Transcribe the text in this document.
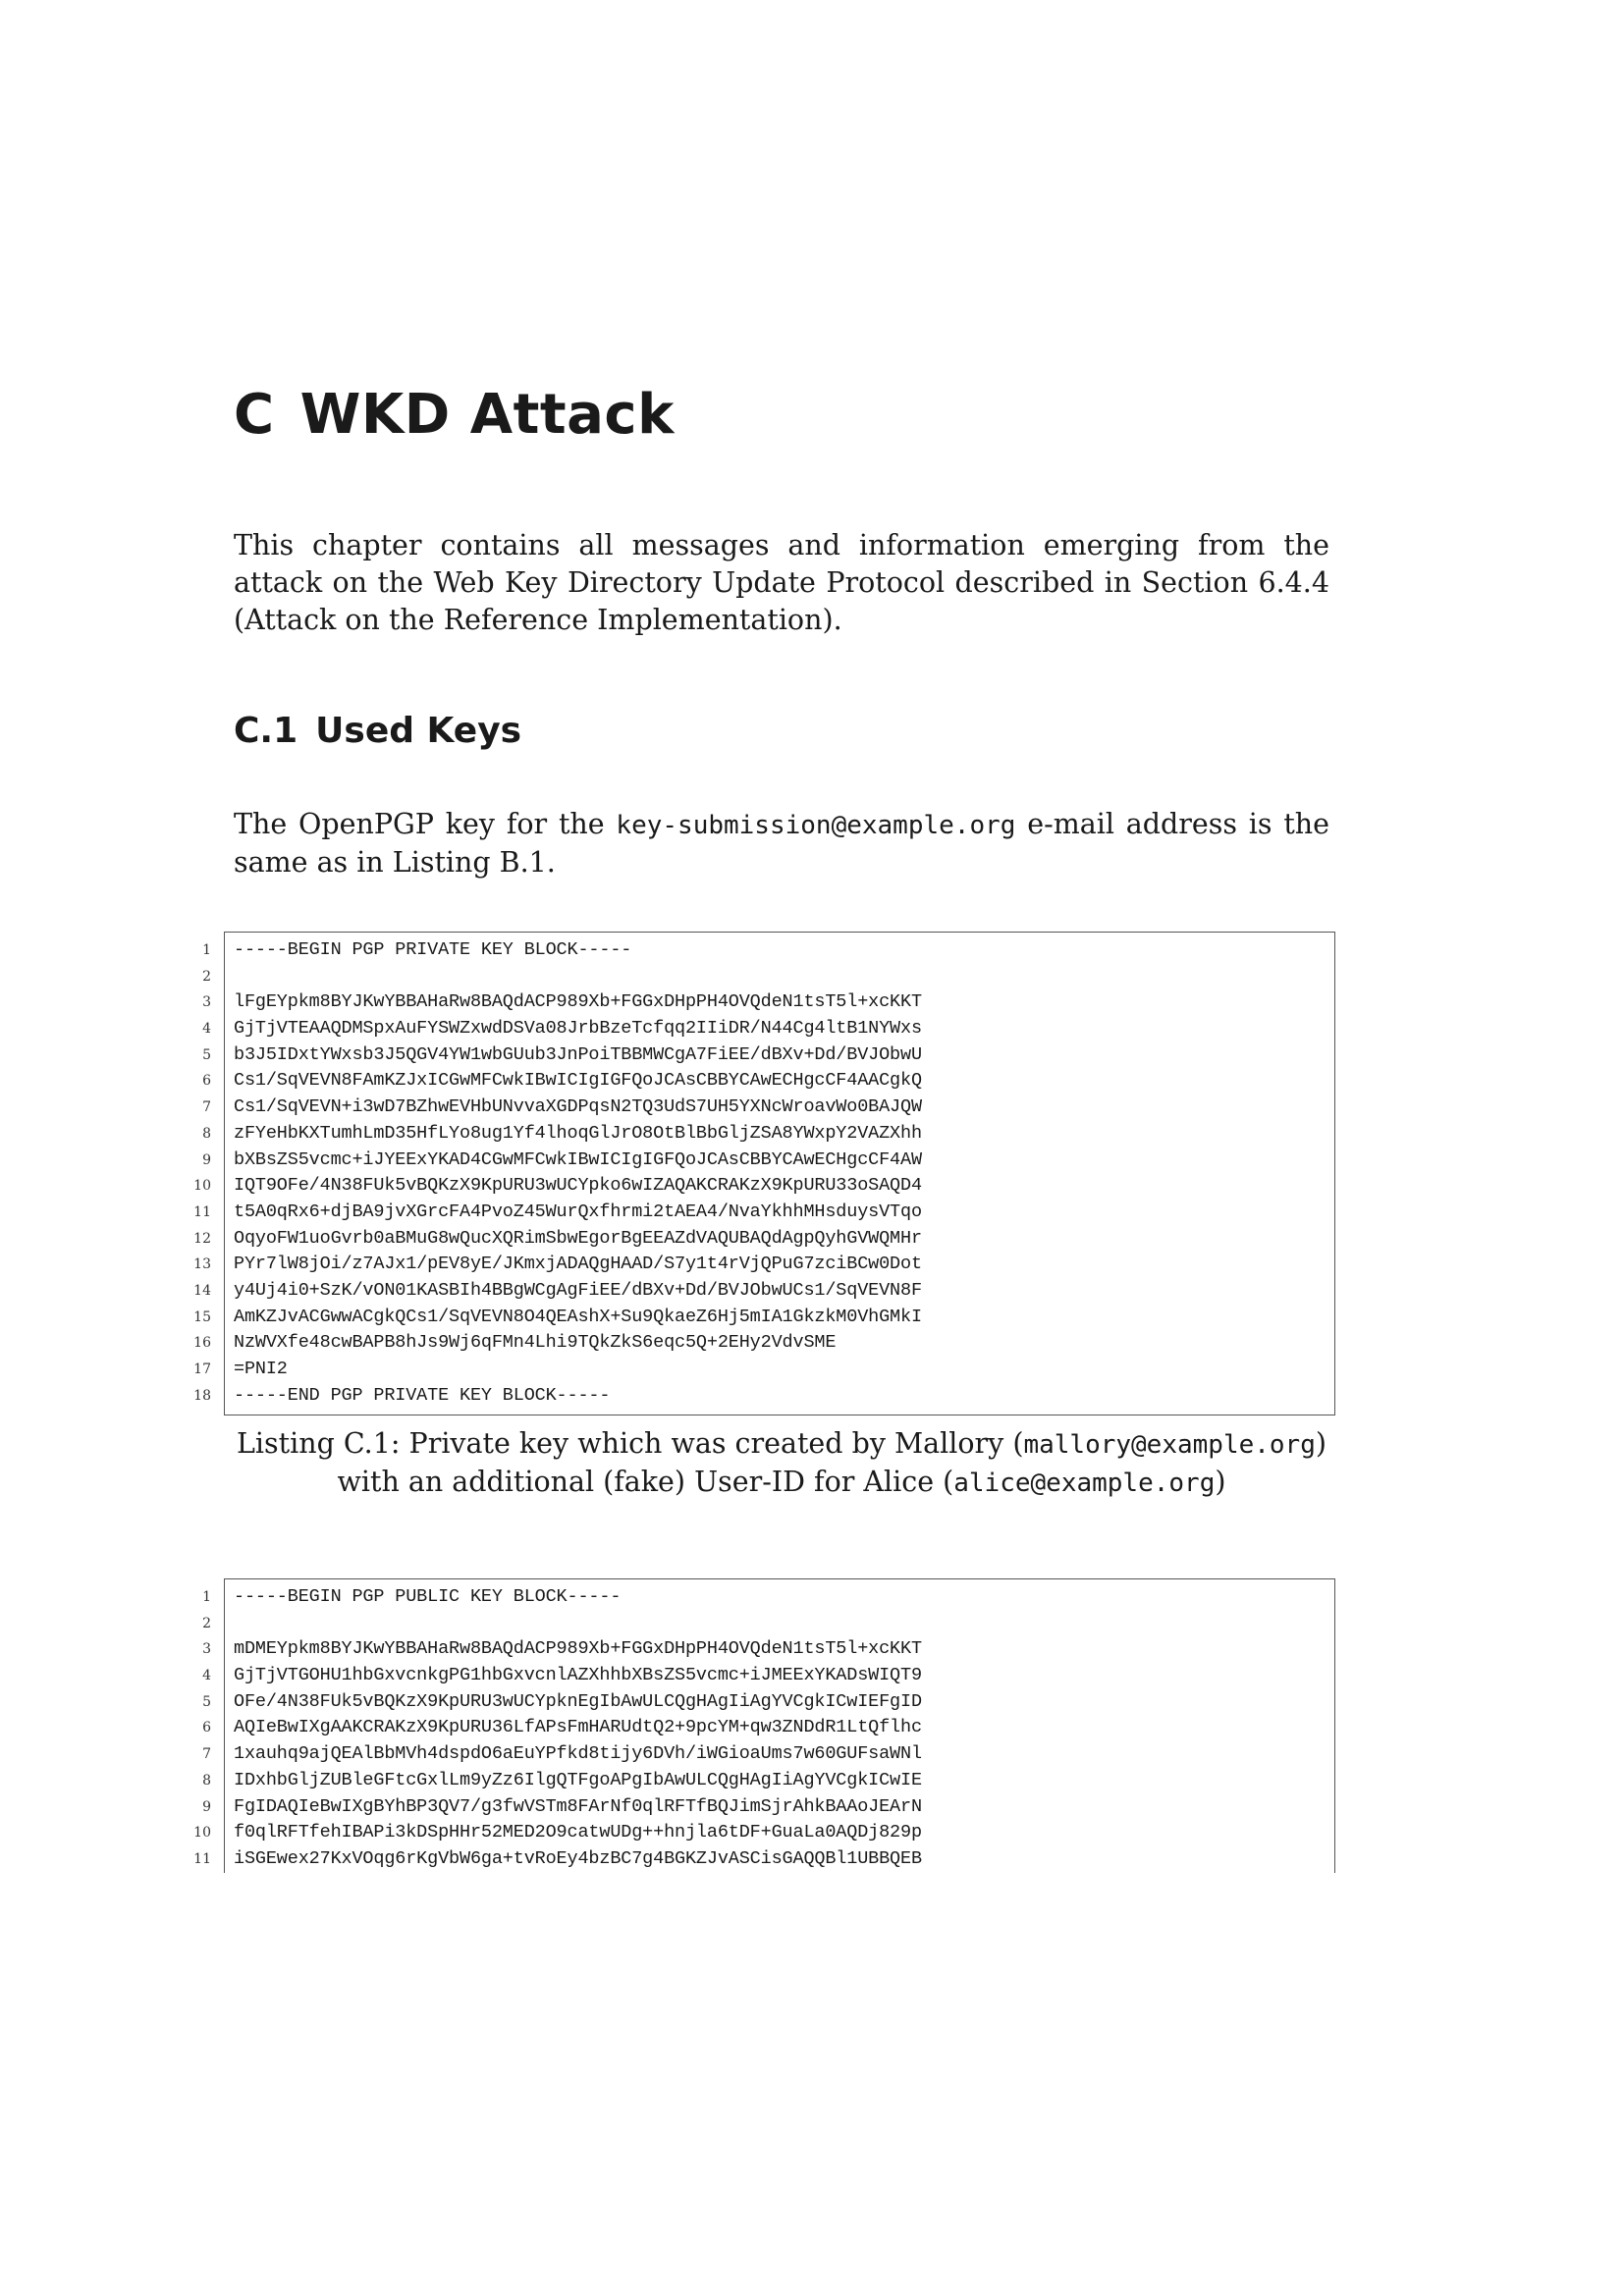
C WKD Attack

This chapter contains all messages and information emerging from the attack on the Web Key Directory Update Protocol described in Section 6.4.4 (Attack on the Reference Implementation).

C.1 Used Keys

The OpenPGP key for the key-submission@example.org e-mail address is the same as in Listing B.1.

1 -----BEGIN PGP PRIVATE KEY BLOCK-----
2
3 lFgEYpkm8BYJKwYBBAHaRw8BAQdACP989Xb+FGGxDHpPH4OVQdeN1tsT5l+xcKKT
4 GjTjVTEAAQDMSpxAuFYSWZxwdDSVa08JrbBzeTcfqq2IIiDR/N44Cg4ltB1NYWxs
5 b3J5IDxtYWxsb3J5QGV4YW1wbGUub3JnPoiTBBMWCgA7FiEE/dBXv+Dd/BVJObwU
6 Cs1/SqVEVN8FAmKZJxICGwMFCwkIBwICIgIGFQoJCAsCBBYCAwECHgcCF4AACgkQ
7 Cs1/SqVEVN+i3wD7BZhwEVHbUNvvaXGDPqsN2TQ3UdS7UH5YXNcWroavWo0BAJQW
8 zFYeHbKXTumhLmD35HfLYo8ug1Yf4lhoqGlJrO8OtBlBbGljZSA8YWxpY2VAZXhh
9 bXBsZS5vcmc+iJYEExYKAD4CGwMFCwkIBwICIgIGFQoJCAsCBBYCAwECHgcCF4AW
10 IQT9OFe/4N38FUk5vBQKzX9KpURU3wUCYpko6wIZAQAKCRAKzX9KpURU33oSAQD4
11 t5A0qRx6+djBA9jvXGrcFA4PvoZ45WurQxfhrmi2tAEA4/NvaYkhhMHsduysVTqo
12 OqyoFW1uoGvrb0aBMuG8wQucXQRimSbwEgorBgEEAZdVAQUBAQdAgpQyhGVWQMHr
13 PYr7lW8jOi/z7AJx1/pEV8yE/JKmxjADAQgHAAD/S7y1t4rVjQPuG7zciBCw0Dot
14 y4Uj4i0+SzK/vON01KASBIh4BBgWCgAgFiEE/dBXv+Dd/BVJObwUCs1/SqVEVN8F
15 AmKZJvACGwwACgkQCs1/SqVEVN8O4QEAshX+Su9QkaeZ6Hj5mIA1GkzkM0VhGMkI
16 NzWVXfe48cwBAPB8hJs9Wj6qFMn4Lhi9TQkZkS6eqc5Q+2EHy2VdvSME
17 =PNI2
18 -----END PGP PRIVATE KEY BLOCK-----

Listing C.1: Private key which was created by Mallory (mallory@example.org) with an additional (fake) User-ID for Alice (alice@example.org)

1 -----BEGIN PGP PUBLIC KEY BLOCK-----
2
3 mDMEYpkm8BYJKwYBBAHaRw8BAQdACP989Xb+FGGxDHpPH4OVQdeN1tsT5l+xcKKT
4 GjTjVTGOHU1hbGxvcnkgPG1hbGxvcnlAZXhhbXBsZS5vcmc+iJMEExYKADsWIQT9
5 OFe/4N38FUk5vBQKzX9KpURU3wUCYpknEgIbAwULCQgHAgIiAgYVCgkICwIEFgID
6 AQIeBwIXgAAKCRAKzX9KpURU36LfAPsFmHARUdtQ2+9pcYM+qw3ZNDdR1LtQflhc
7 1xauhq9ajQEAlBbMVh4dspdO6aEuYPfkd8tijy6DVh/iWGioaUms7w60GUFsaWNl
8 IDxhbGljZUBleGFtcGxlLm9yZz6IlgQTFgoAPgIbAwULCQgHAgIiAgYVCgkICwIE
9 FgIDAQIeBwIXgBYhBP3QV7/g3fwVSTm8FArNf0qlRFTfBQJimSjrAhkBAAoJEArN
10 f0qlRFTfehIBAPi3kDSpHHr52MED2O9catwUDg++hnjla6tDF+GuaLa0AQDj829p
11 iSGEwex27KxVOqg6rKgVbW6ga+tvRoEy4bzBC7g4BGKZJvASCisGAQQBl1UBBQEB
